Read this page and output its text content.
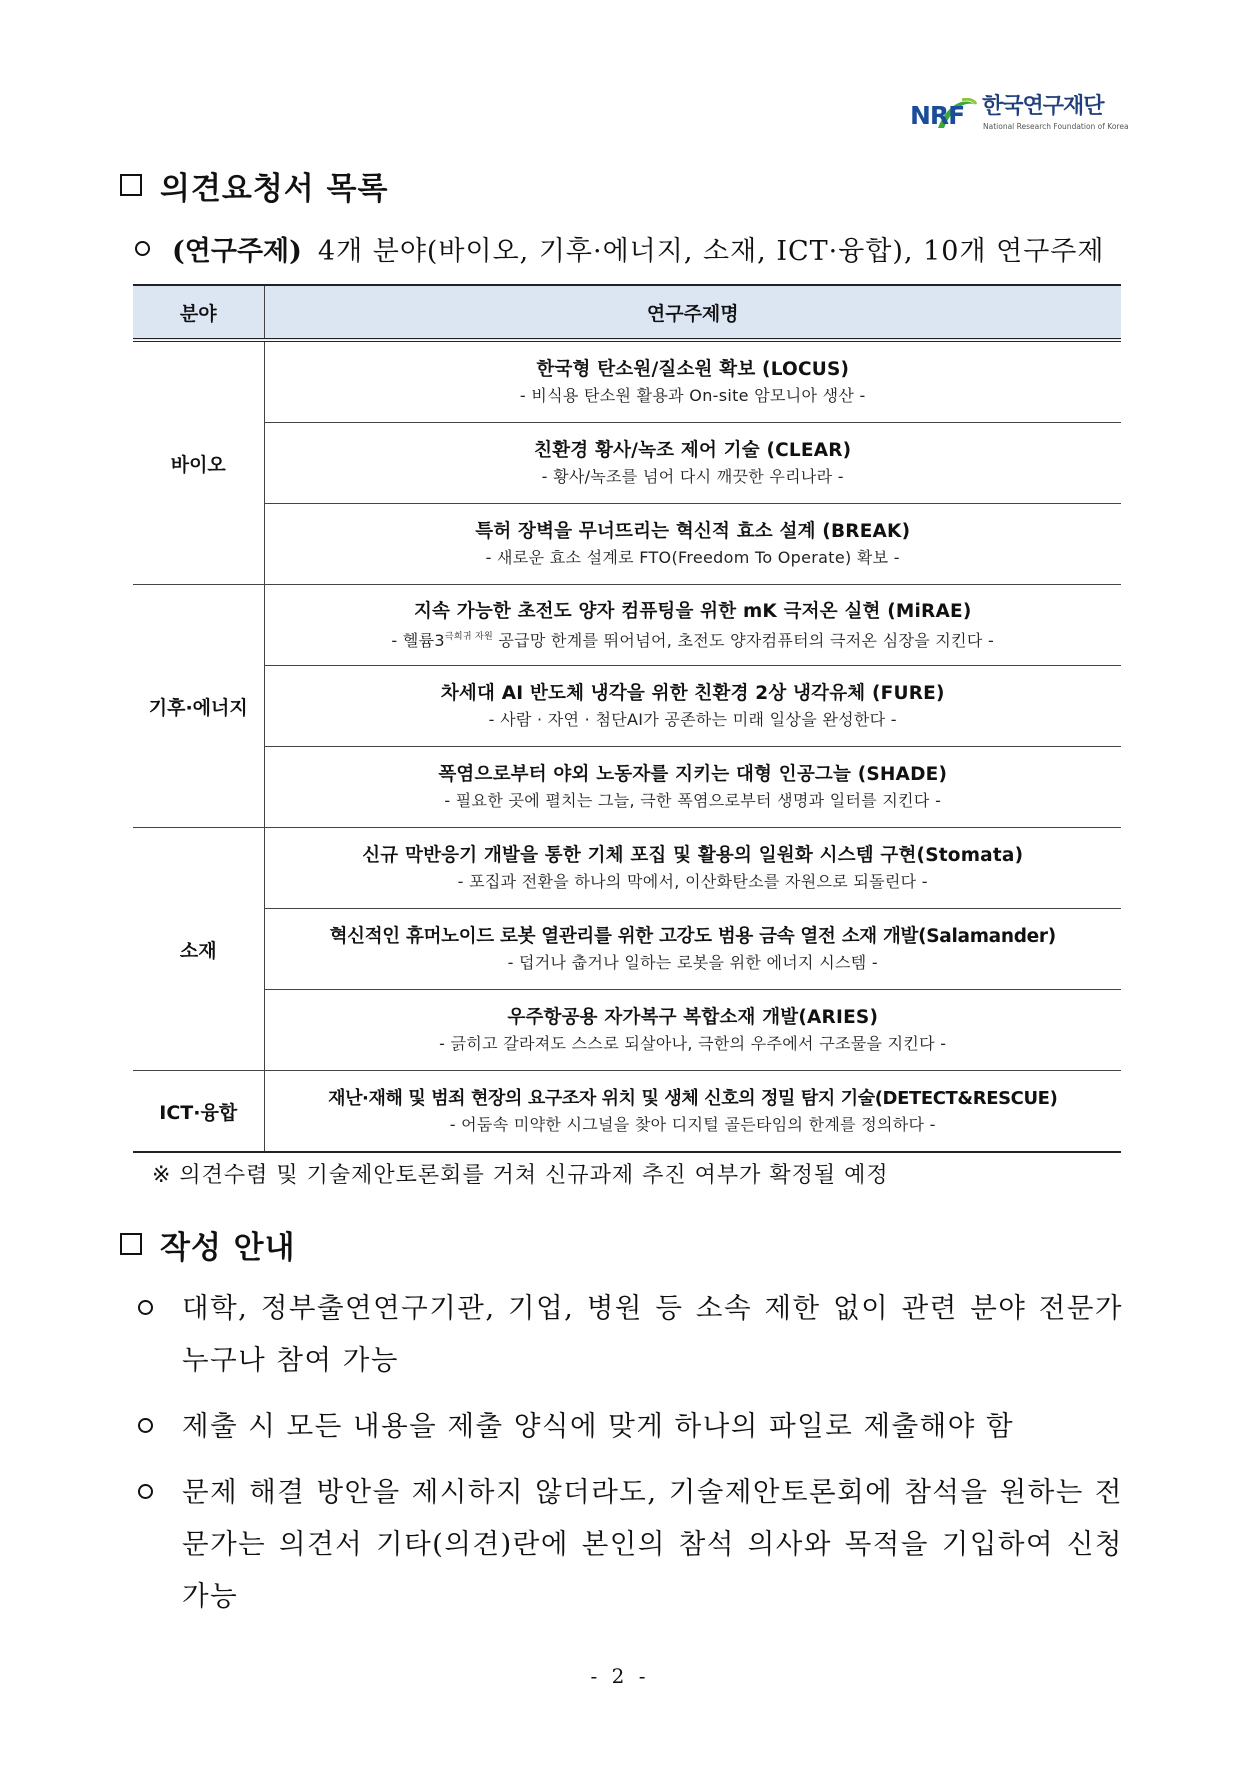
NRF 한국연구재단
National Research Foundation of Korea
의견요청서 목록
(연구주제) 4개 분야(바이오, 기후·에너지, 소재, ICT·융합), 10개 연구주제
분야	연구주제명
바이오	한국형 탄소원/질소원 확보 (LOCUS)
- 비식용 탄소원 활용과 On-site 암모니아 생산 -

	친환경 황사/녹조 제어 기술 (CLEAR)
- 황사/녹조를 넘어 다시 깨끗한 우리나라 -

	특허 장벽을 무너뜨리는 혁신적 효소 설계 (BREAK)
- 새로운 효소 설계로 FTO(Freedom To Operate) 확보 -

기후·에너지	지속 가능한 초전도 양자 컴퓨팅을 위한 mK 극저온 실현 (MiRAE)
- 헬륨$3^{극희귀 자원}$ 공급망 한계를 뛰어넘어, 초전도 양자컴퓨터의 극저온 심장을 지킨다 -

	차세대 AI 반도체 냉각을 위한 친환경 2상 냉각유체 (FURE)
- 사람 · 자연 · 첨단AI가 공존하는 미래 일상을 완성한다 -

	폭염으로부터 야외 노동자를 지키는 대형 인공그늘 (SHADE)
- 필요한 곳에 펼치는 그늘, 극한 폭염으로부터 생명과 일터를 지킨다 -

소재	신규 막반응기 개발을 통한 기체 포집 및 활용의 일원화 시스템 구현(Stomata)
- 포집과 전환을 하나의 막에서, 이산화탄소를 자원으로 되돌린다 -

	혁신적인 휴머노이드 로봇 열관리를 위한 고강도 범용 금속 열전 소재 개발(Salamander)
- 덥거나 춥거나 일하는 로봇을 위한 에너지 시스템 -

	우주항공용 자가복구 복합소재 개발(ARIES)
- 긁히고 갈라져도 스스로 되살아나, 극한의 우주에서 구조물을 지킨다 -

ICT·융합	재난·재해 및 범죄 현장의 요구조자 위치 및 생체 신호의 정밀 탐지 기술(DETECT&RESCUE)
- 어둠속 미약한 시그널을 찾아 디지털 골든타임의 한계를 정의하다 -
※ 의견수렴 및 기술제안토론회를 거쳐 신규과제 추진 여부가 확정될 예정
작성 안내
대학, 정부출연연구기관, 기업, 병원 등 소속 제한 없이 관련 분야 전문가 누구나 참여 가능
제출 시 모든 내용을 제출 양식에 맞게 하나의 파일로 제출해야 함
문제 해결 방안을 제시하지 않더라도, 기술제안토론회에 참석을 원하는 전문가는 의견서 기타(의견)란에 본인의 참석 의사와 목적을 기입하여 신청 가능
- 2 -
